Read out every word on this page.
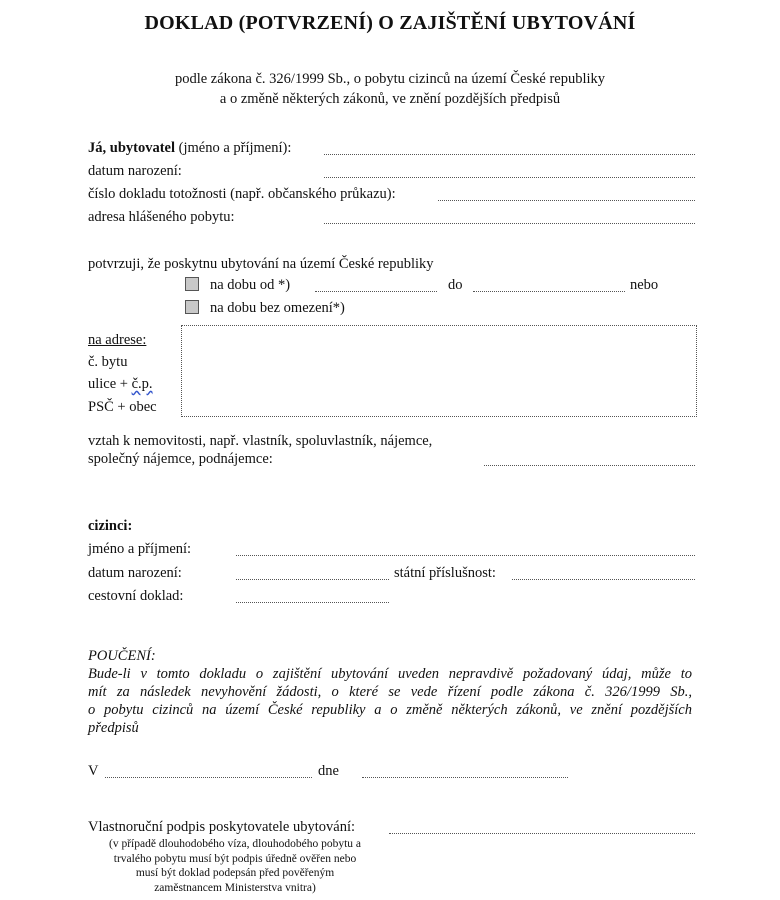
DOKLAD (POTVRZENÍ) O ZAJIŠTĚNÍ UBYTOVÁNÍ
podle zákona č. 326/1999 Sb., o pobytu cizinců na území České republiky
a o změně některých zákonů, ve znění pozdějších předpisů
Já, ubytovatel (jméno a příjmení):
datum narození:
číslo dokladu totožnosti (např. občanského průkazu):
adresa hlášeného pobytu:
potvrzuji, že poskytnu ubytování na území České republiky
na dobu od *)	do	nebo
na dobu bez omezení*)
na adrese:
č. bytu
ulice + č.p.
PSČ + obec
vztah k nemovitosti, např. vlastník, spoluvlastník, nájemce,
společný nájemce, podnájemce:
cizinci:
jméno a příjmení:
datum narození:	státní příslušnost:
cestovní doklad:
POUČENÍ:
Bude-li v tomto dokladu o zajištění ubytování uveden nepravdivě požadovaný údaj, může to
mít za následek nevyhovění žádosti, o které se vede řízení podle zákona č. 326/1999 Sb.,
o pobytu cizinců na území České republiky a o změně některých zákonů, ve znění pozdějších
předpisů
V	dne
Vlastnoruční podpis poskytovatele ubytování:
(v případě dlouhodobého víza, dlouhodobého pobytu a
trvalého pobytu musí být podpis úředně ověřen nebo
musí být doklad podepsán před pověřeným
zaměstnancem Ministerstva vnitra)
